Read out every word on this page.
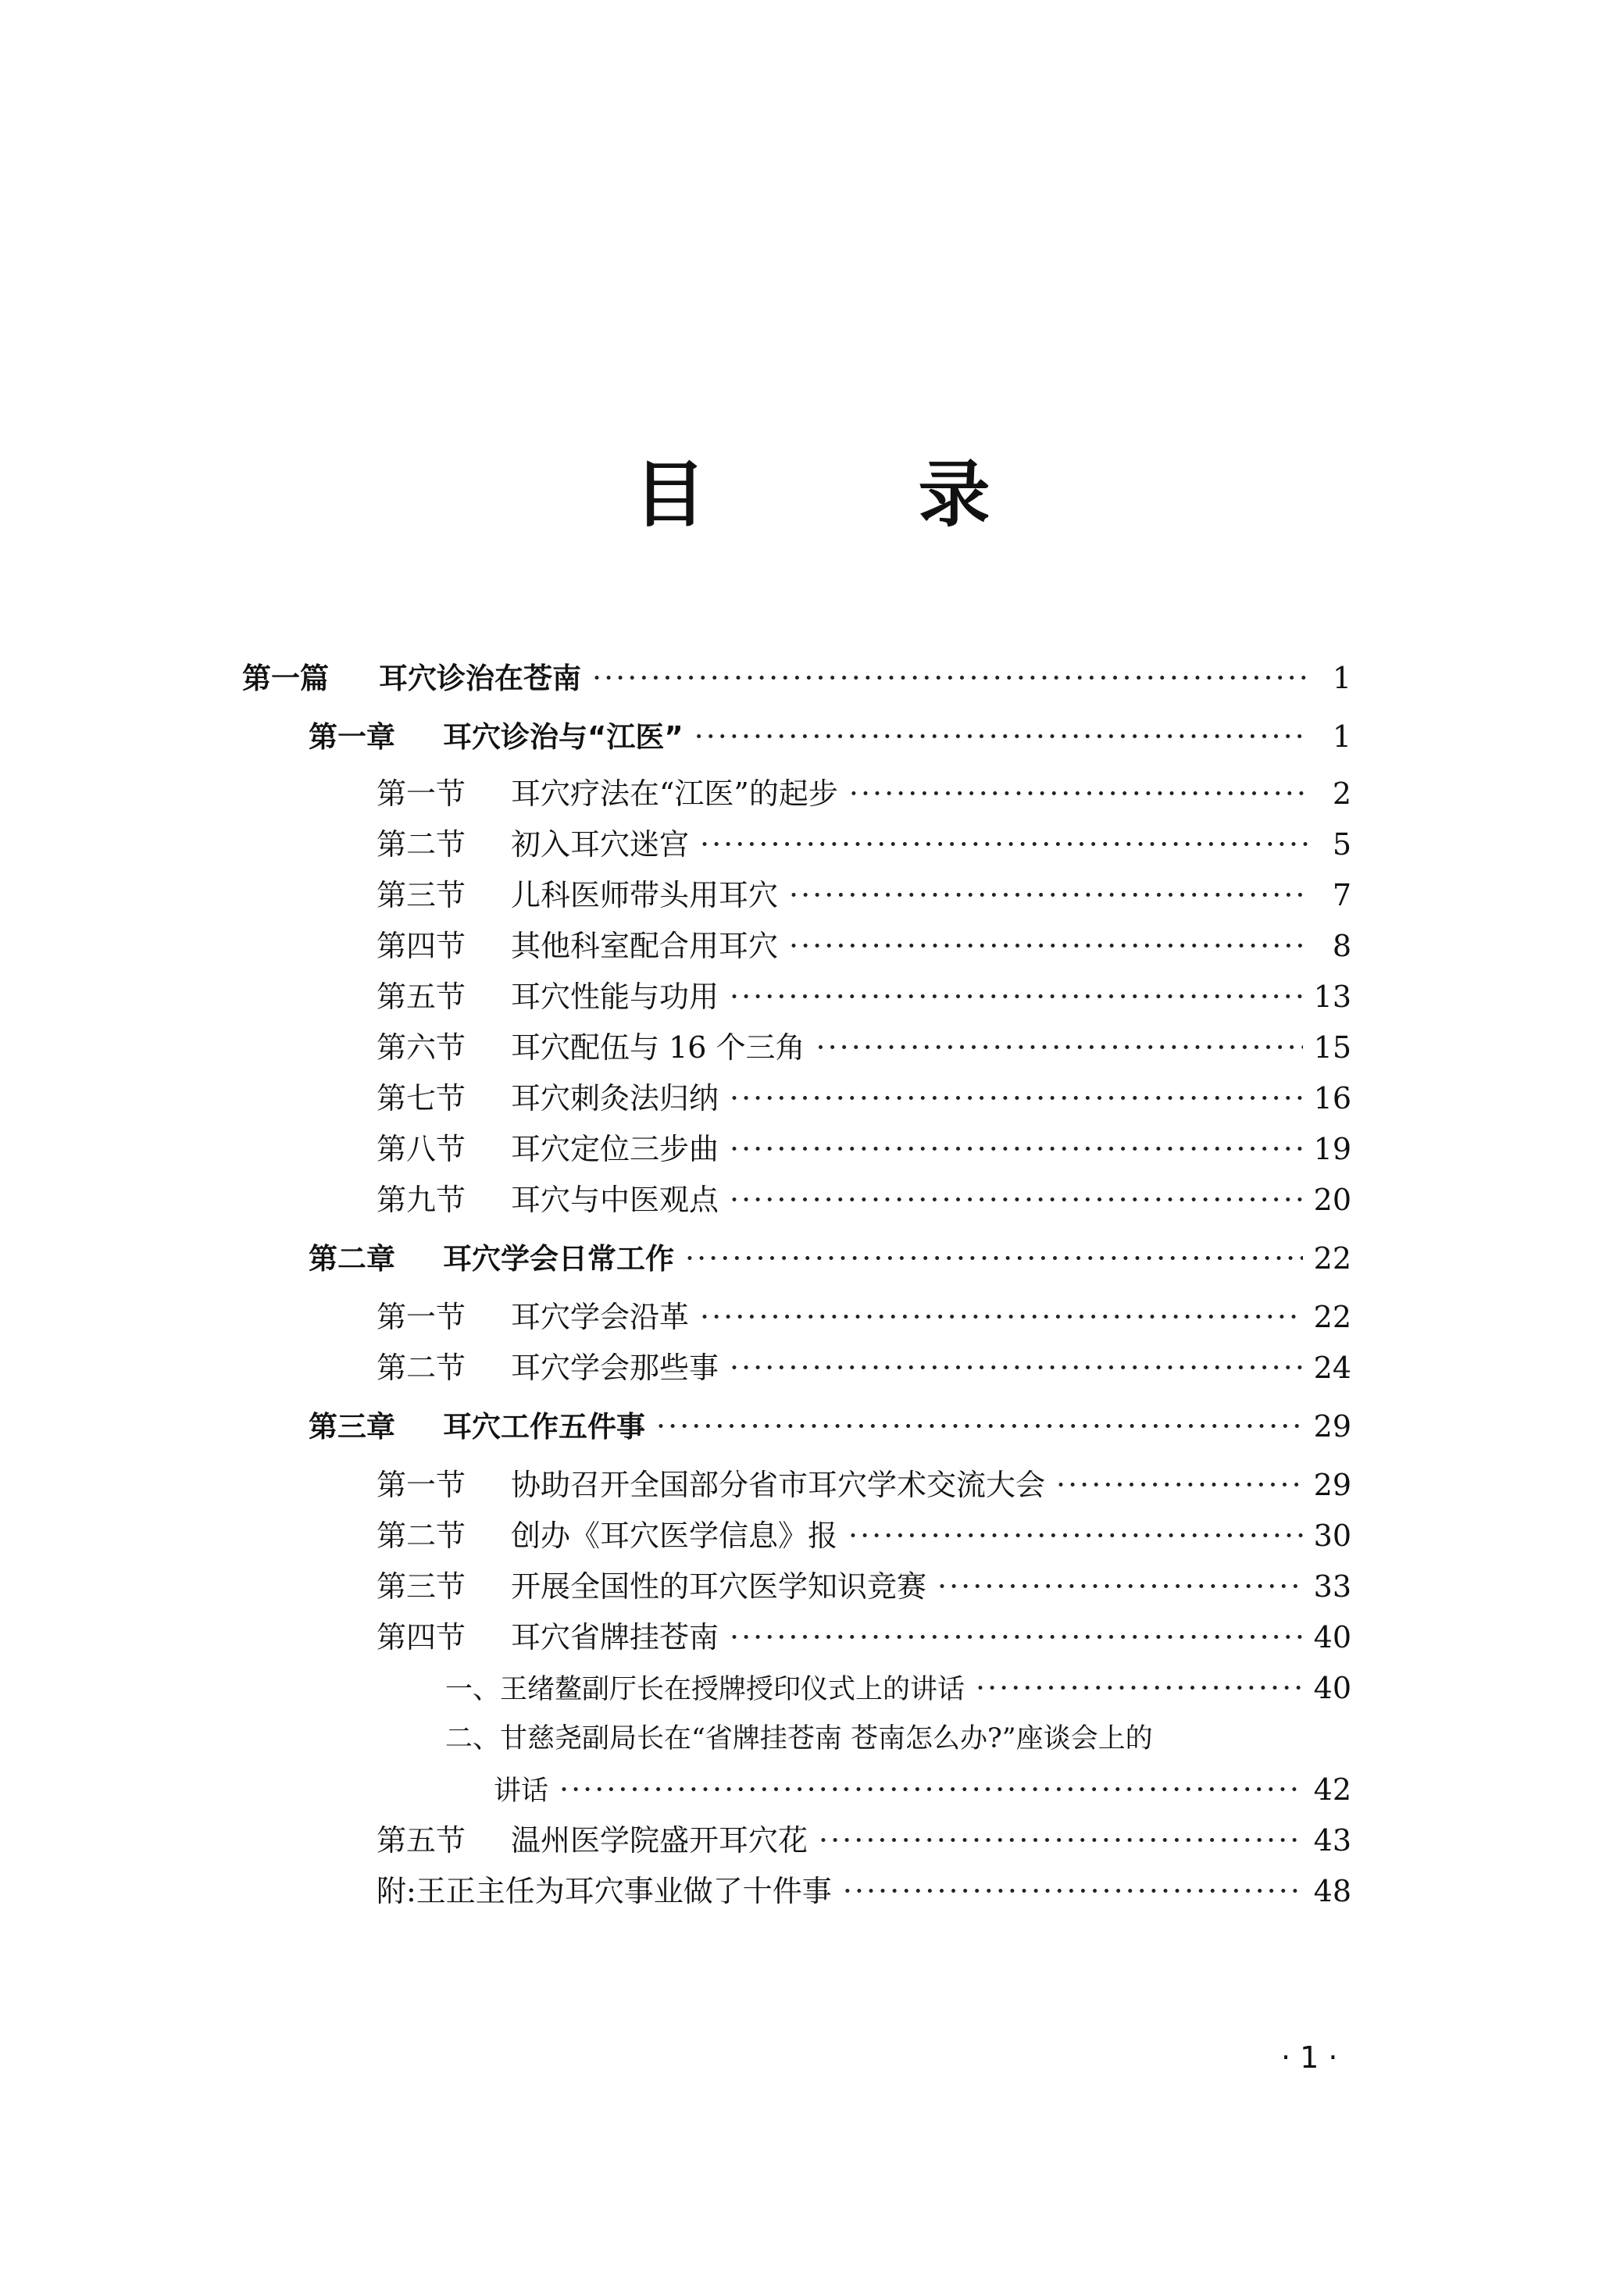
目 录
第一篇	耳穴诊治在苍南 ·····	1
第一章	耳穴诊治与“江医” ·····	1
第一节	耳穴疗法在“江医”的起步 ·····	2
第二节	初入耳穴迷宫 ·····	5
第三节	儿科医师带头用耳穴 ·····	7
第四节	其他科室配合用耳穴 ·····	8
第五节	耳穴性能与功用 ·····	13
第六节	耳穴配伍与 16 个三角 ·····	15
第七节	耳穴刺灸法归纳 ·····	16
第八节	耳穴定位三步曲 ·····	19
第九节	耳穴与中医观点 ·····	20
第二章	耳穴学会日常工作 ·····	22
第一节	耳穴学会沿革 ·····	22
第二节	耳穴学会那些事 ·····	24
第三章	耳穴工作五件事 ·····	29
第一节	协助召开全国部分省市耳穴学术交流大会 ·····	29
第二节	创办《耳穴医学信息》报 ·····	30
第三节	开展全国性的耳穴医学知识竞赛 ·····	33
第四节	耳穴省牌挂苍南 ·····	40
一、王绪鳌副厅长在授牌授印仪式上的讲话 ·····	40
二、甘慈尧副局长在“省牌挂苍南 苍南怎么办?”座谈会上的
讲话 ·····	42
第五节	温州医学院盛开耳穴花 ·····	43
附:王正主任为耳穴事业做了十件事 ·····	48
· 1 ·
